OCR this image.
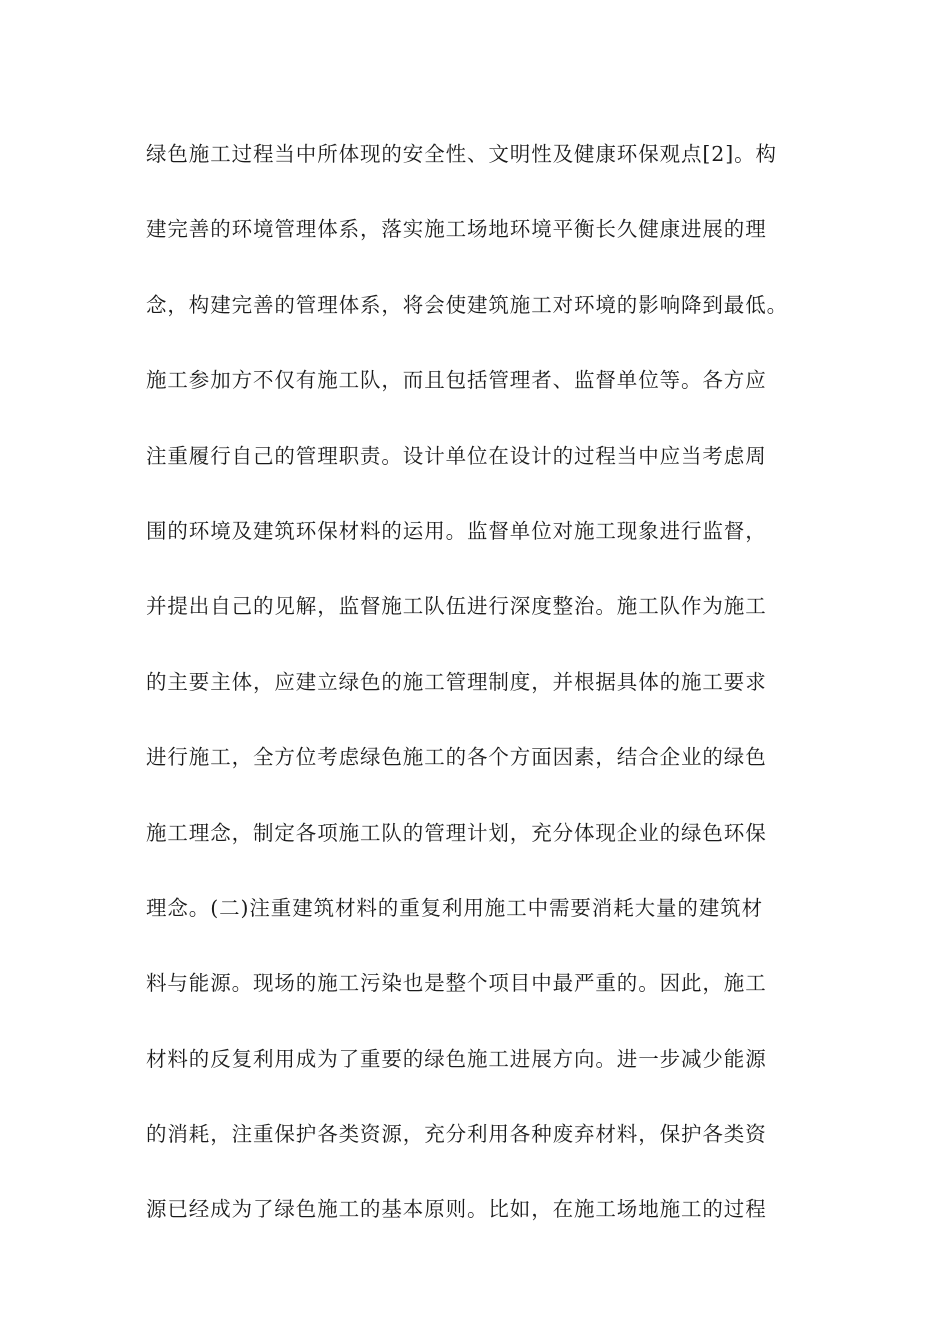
绿色施工过程当中所体现的安全性、文明性及健康环保观点[2]。构
建完善的环境管理体系，落实施工场地环境平衡长久健康进展的理
念，构建完善的管理体系，将会使建筑施工对环境的影响降到最低。
施工参加方不仅有施工队，而且包括管理者、监督单位等。各方应
注重履行自己的管理职责。设计单位在设计的过程当中应当考虑周
围的环境及建筑环保材料的运用。监督单位对施工现象进行监督，
并提出自己的见解，监督施工队伍进行深度整治。施工队作为施工
的主要主体，应建立绿色的施工管理制度，并根据具体的施工要求
进行施工，全方位考虑绿色施工的各个方面因素，结合企业的绿色
施工理念，制定各项施工队的管理计划，充分体现企业的绿色环保
理念。(二)注重建筑材料的重复利用施工中需要消耗大量的建筑材
料与能源。现场的施工污染也是整个项目中最严重的。因此，施工
材料的反复利用成为了重要的绿色施工进展方向。进一步减少能源
的消耗，注重保护各类资源，充分利用各种废弃材料，保护各类资
源已经成为了绿色施工的基本原则。比如，在施工场地施工的过程
